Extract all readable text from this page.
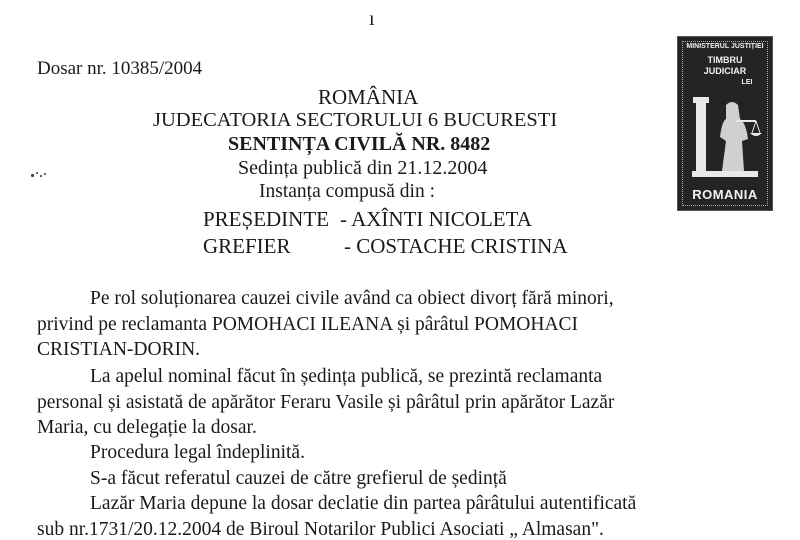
ı
Dosar nr. 10385/2004
ROMÂNIA
JUDECATORIA SECTORULUI 6 BUCURESTI
SENTINȚA CIVILĂ NR. 8482
Sedința publică din 21.12.2004
Instanța compusă din :
PREȘEDINTE - AXÎNTI NICOLETA
GREFIER	- COSTACHE CRISTINA
MINISTERUL JUSTIȚIEI
TIMBRU
JUDICIAR
LEI
ROMANIA
Pe rol soluționarea cauzei civile având ca obiect divorț fără minori,
privind pe reclamanta POMOHACI ILEANA și pârâtul POMOHACI
CRISTIAN-DORIN.
La apelul nominal făcut în ședința publică, se prezintă reclamanta
personal și asistată de apărător Feraru Vasile și pârâtul prin apărător Lazăr
Maria, cu delegație la dosar.
Procedura legal îndeplinită.
S-a făcut referatul cauzei de către grefierul de ședință
Lazăr Maria depune la dosar declatie din partea pârâtului autentificată
sub nr.1731/20.12.2004 de Biroul Notarilor Publici Asociati „ Almasan".
